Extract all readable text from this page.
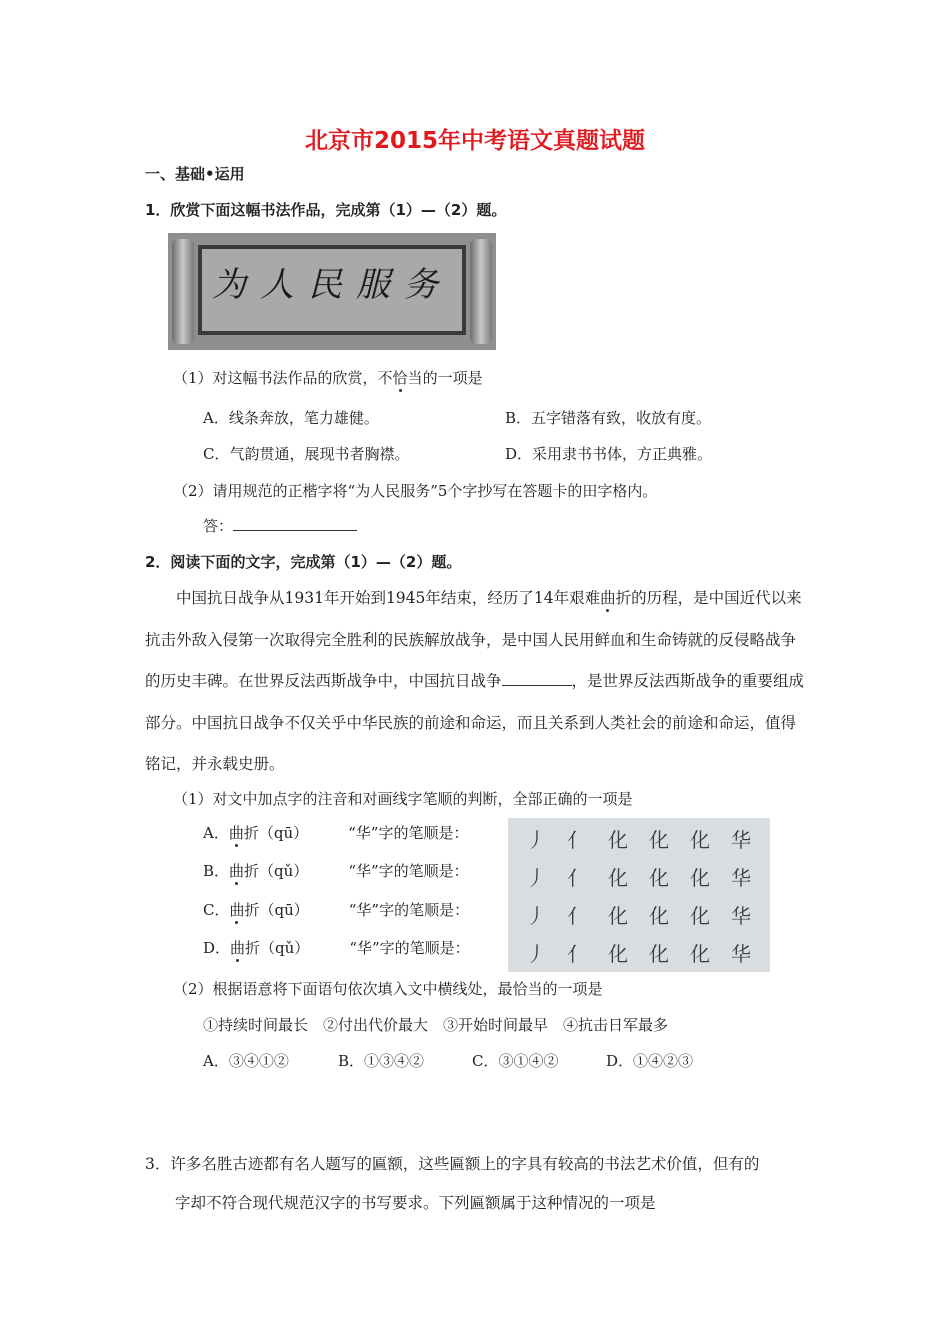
北京市2015年中考语文真题试题
一、基础•运用
1．欣赏下面这幅书法作品，完成第（1）—（2）题。
为人民服务
（1）对这幅书法作品的欣赏，不恰当的一项是
A．线条奔放，笔力雄健。	B．五字错落有致，收放有度。
C．气韵贯通，展现书者胸襟。	D．采用隶书书体，方正典雅。
（2）请用规范的正楷字将“为人民服务”5个字抄写在答题卡的田字格内。
答：
2．阅读下面的文字，完成第（1）—（2）题。
中国抗日战争从1931年开始到1945年结束，经历了14年艰难曲折的历程，是中国近代以来抗击外敌入侵第一次取得完全胜利的民族解放战争，是中国人民用鲜血和生命铸就的反侵略战争的历史丰碑。在世界反法西斯战争中，中国抗日战争	，是世界反法西斯战争的重要组成部分。中国抗日战争不仅关乎中华民族的前途和命运，而且关系到人类社会的前途和命运，值得铭记，并永载史册。
（1）对文中加点字的注音和对画线字笔顺的判断，全部正确的一项是
A．曲折（qū）	“华”字的笔顺是：
B．曲折（qǔ）	“华”字的笔顺是：
C．曲折（qū）	“华”字的笔顺是：
D．曲折（qǔ）	“华”字的笔顺是：
丿	亻	化	化	化	华
丿	亻	化	化	化	华
丿	亻	化	化	化	华
丿	亻	化	化	化	华
（2）根据语意将下面语句依次填入文中横线处，最恰当的一项是
①持续时间最长　②付出代价最大　③开始时间最早　④抗击日军最多
A．③④①②	B．①③④②	C．③①④②	D．①④②③
3．许多名胜古迹都有名人题写的匾额，这些匾额上的字具有较高的书法艺术价值，但有的
字却不符合现代规范汉字的书写要求。下列匾额属于这种情况的一项是
